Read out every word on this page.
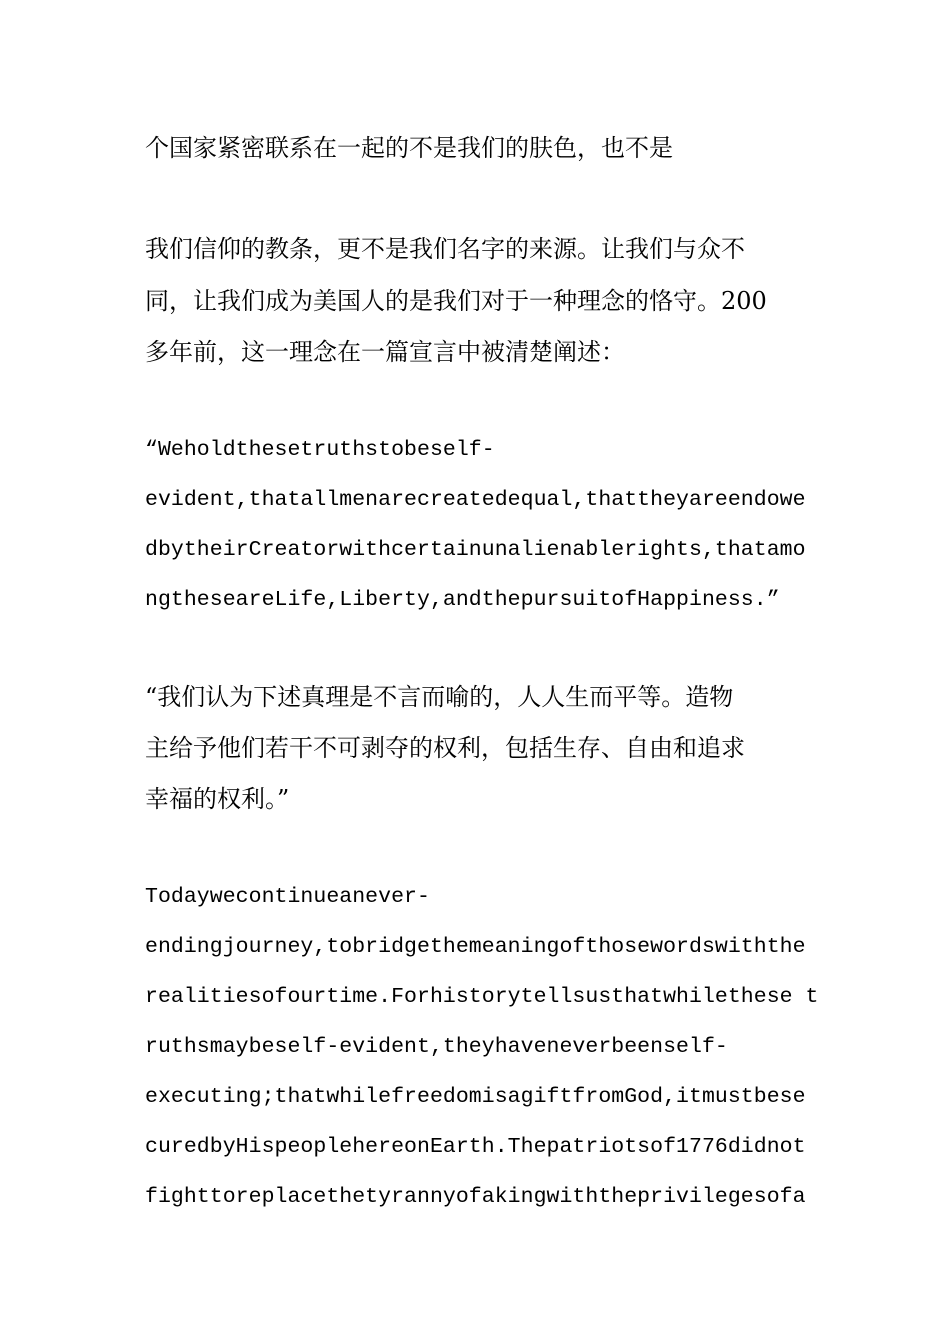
个国家紧密联系在一起的不是我们的肤色，也不是
我们信仰的教条，更不是我们名字的来源。让我们与众不
同，让我们成为美国人的是我们对于一种理念的恪守。200
多年前，这一理念在一篇宣言中被清楚阐述：
“Weholdthesetruthstobeself-
evident,thatallmenarecreatedequal,thattheyareendowe
dbytheirCreatorwithcertainunalienablerights,thatamo
ngthesearеLife,Liberty,andthepursuitofHappiness.”
“我们认为下述真理是不言而喻的，人人生而平等。造物
主给予他们若干不可剥夺的权利，包括生存、自由和追求
幸福的权利。”
Todaywecontinueanever-
endingjourney,tobridgethemeaningofthosewordswiththe
realitiesofourtime.Forhistorytellsusthatwhilethese t
ruthsmaybeself-evident,theyhaveneverbeenself-
executing;thatwhilefreedomisagiftfromGod,itmustbese
curedbyHispeoplehereonEarth.Thepatriotsof1776didnot
fighttoreplacethetyrannyofakingwiththeprivilegesofa
